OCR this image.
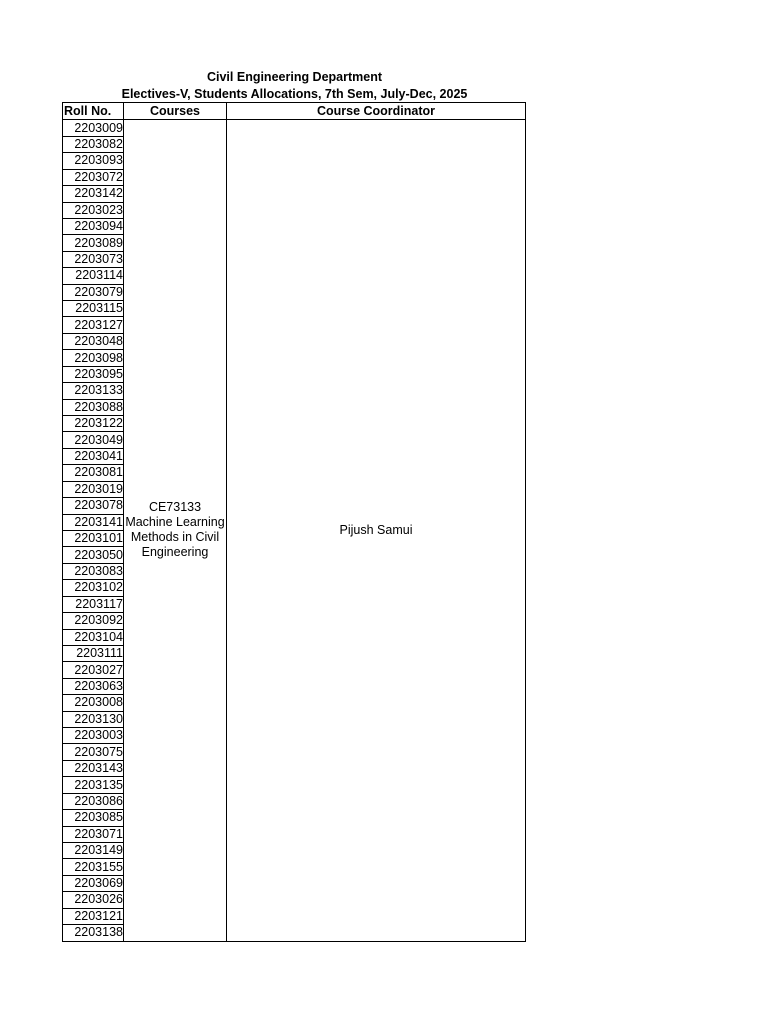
Civil Engineering Department
Electives-V, Students Allocations, 7th Sem, July-Dec, 2025
Roll No.	Courses	Course Coordinator
2203009	CE73133
Machine Learning
Methods in Civil
Engineering	Pijush Samui
2203082		
2203093		
2203072		
2203142		
2203023		
2203094		
2203089		
2203073		
2203114		
2203079		
2203115		
2203127		
2203048		
2203098		
2203095		
2203133		
2203088		
2203122		
2203049		
2203041		
2203081		
2203019		
2203078		
2203141		
2203101		
2203050		
2203083		
2203102		
2203117		
2203092		
2203104		
2203111		
2203027		
2203063		
2203008		
2203130		
2203003		
2203075		
2203143		
2203135		
2203086		
2203085		
2203071		
2203149		
2203155		
2203069		
2203026		
2203121		
2203138		
